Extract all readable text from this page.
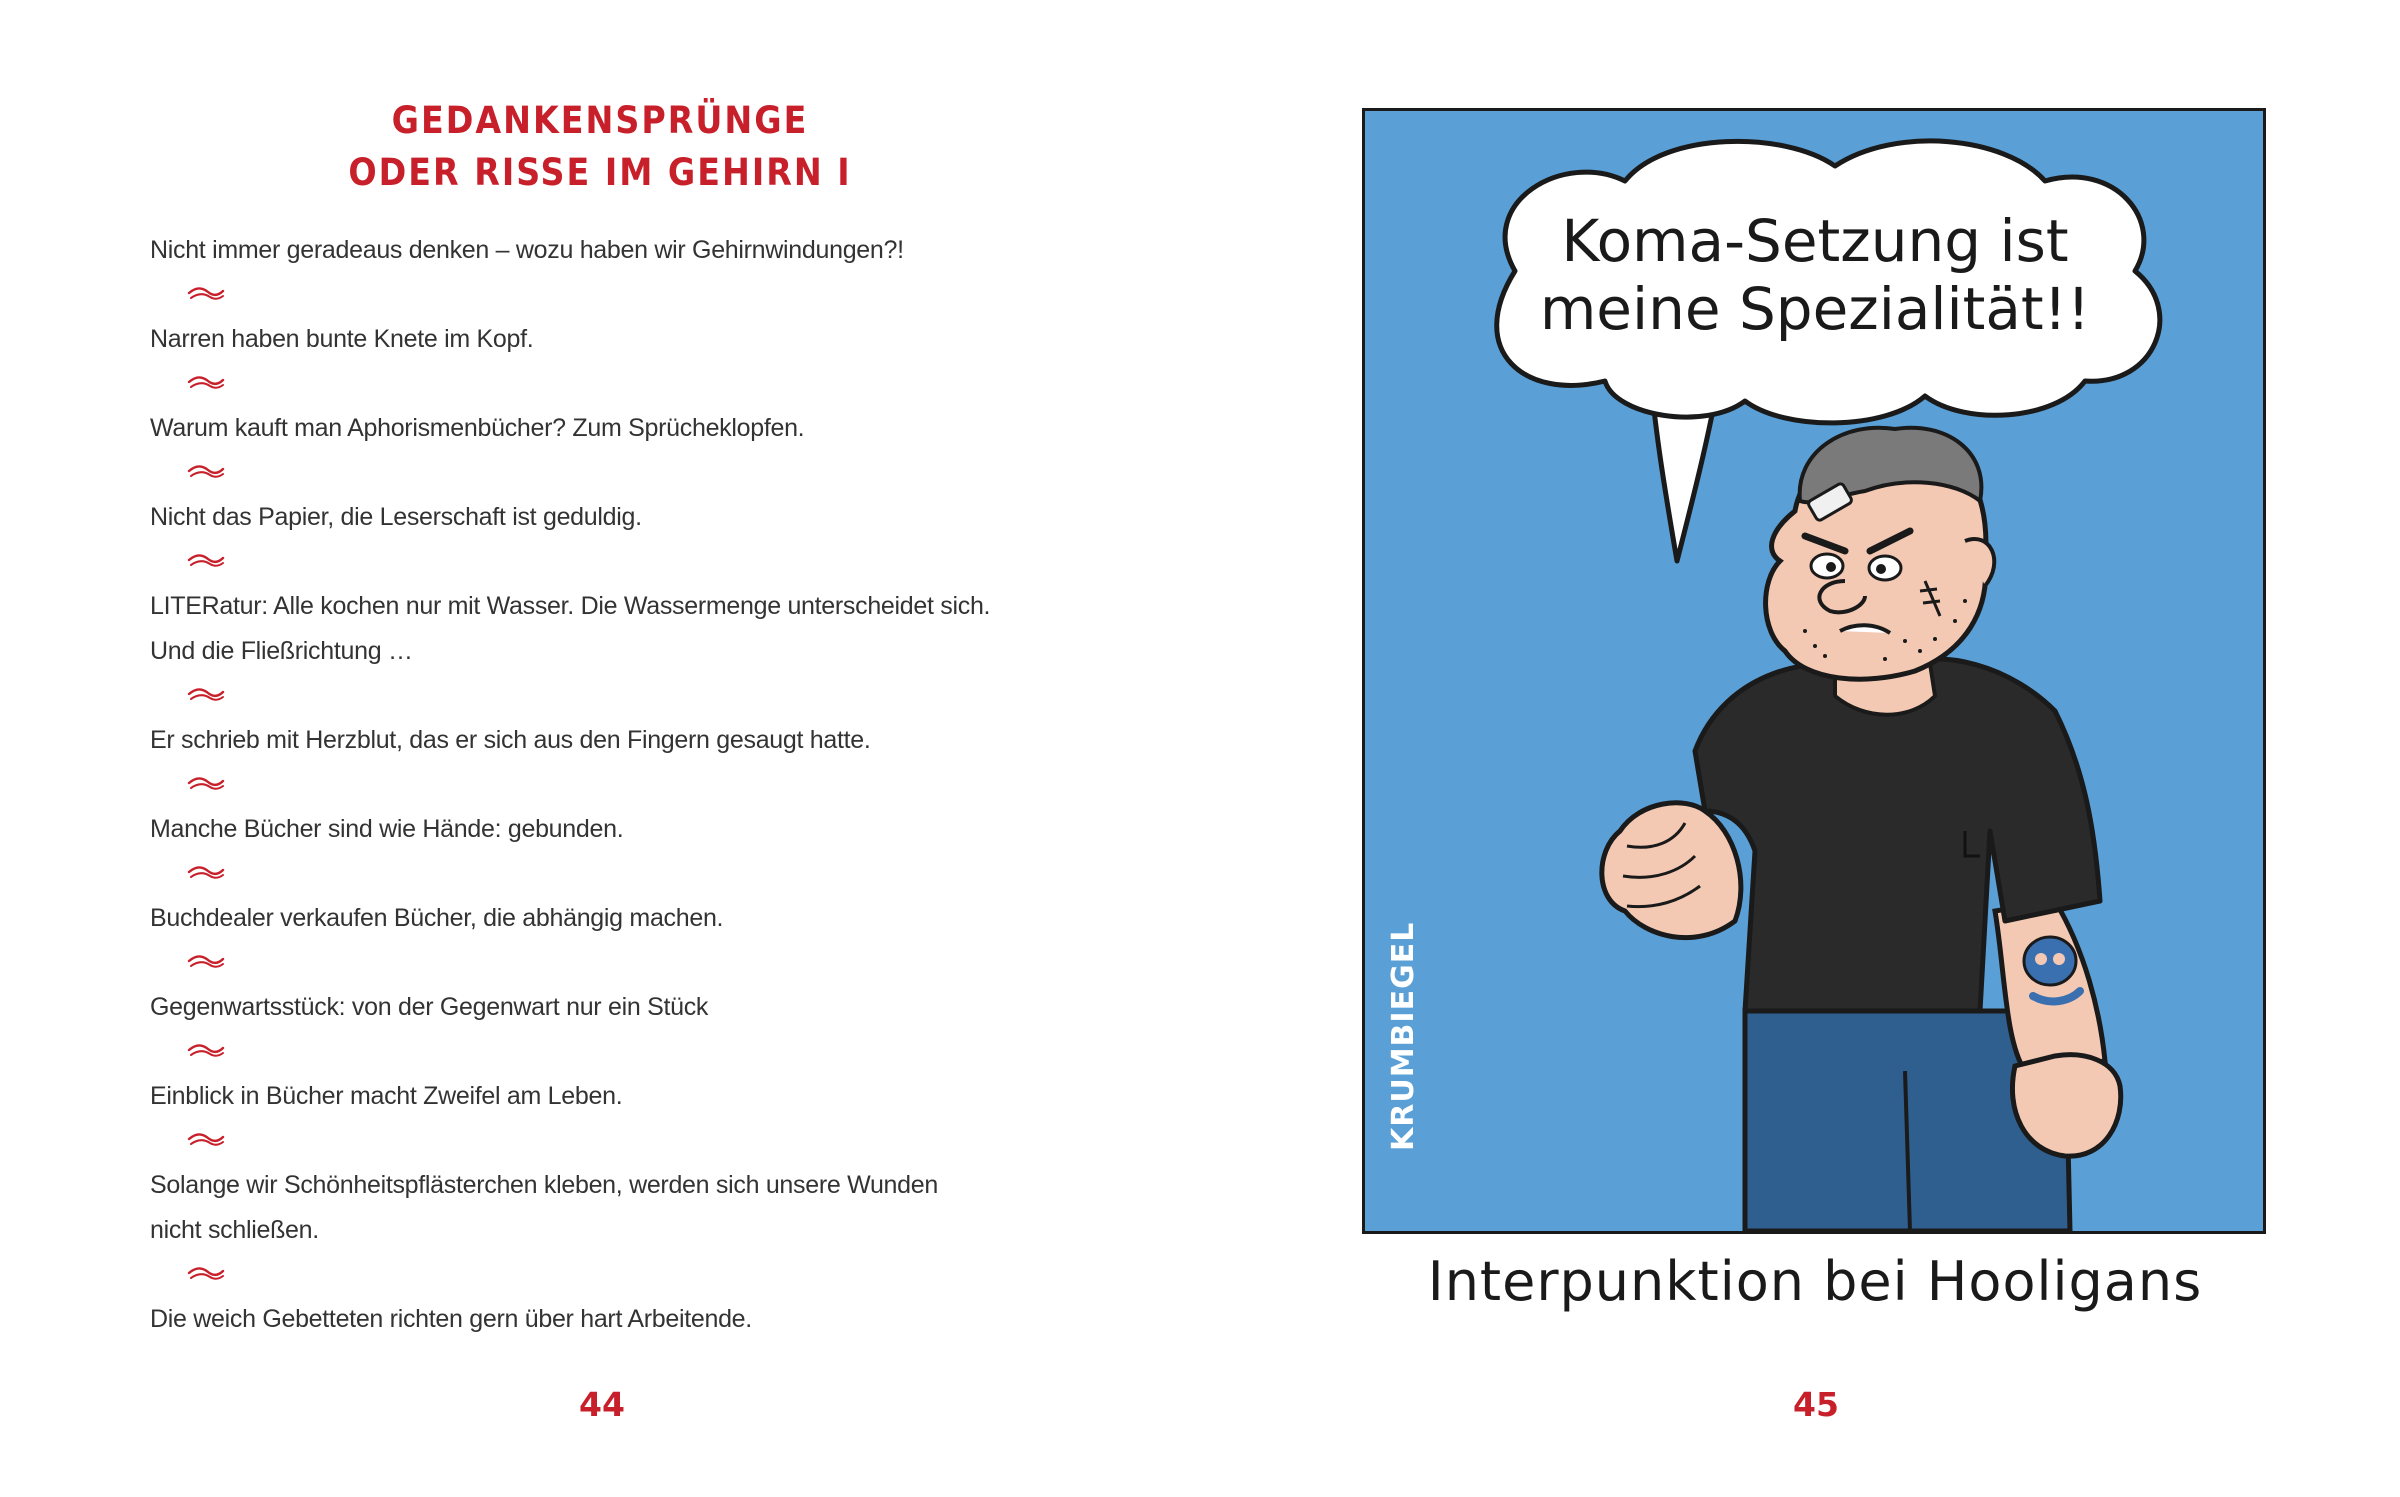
GEDANKENSPRÜNGE
ODER RISSE IM GEHIRN I
Nicht immer geradeaus denken – wozu haben wir Gehirnwindungen?!
Narren haben bunte Knete im Kopf.
Warum kauft man Aphorismenbücher? Zum Sprücheklopfen.
Nicht das Papier, die Leserschaft ist geduldig.
LITERatur: Alle kochen nur mit Wasser. Die Wassermenge unterscheidet sich.
Und die Fließrichtung …
Er schrieb mit Herzblut, das er sich aus den Fingern gesaugt hatte.
Manche Bücher sind wie Hände: gebunden.
Buchdealer verkaufen Bücher, die abhängig machen.
Gegenwartsstück: von der Gegenwart nur ein Stück
Einblick in Bücher macht Zweifel am Leben.
Solange wir Schönheitspflästerchen kleben, werden sich unsere Wunden
nicht schließen.
Die weich Gebetteten richten gern über hart Arbeitende.
44
Koma-Setzung ist
meine Spezialität!!
KRUMBIEGEL
Interpunktion bei Hooligans
45
